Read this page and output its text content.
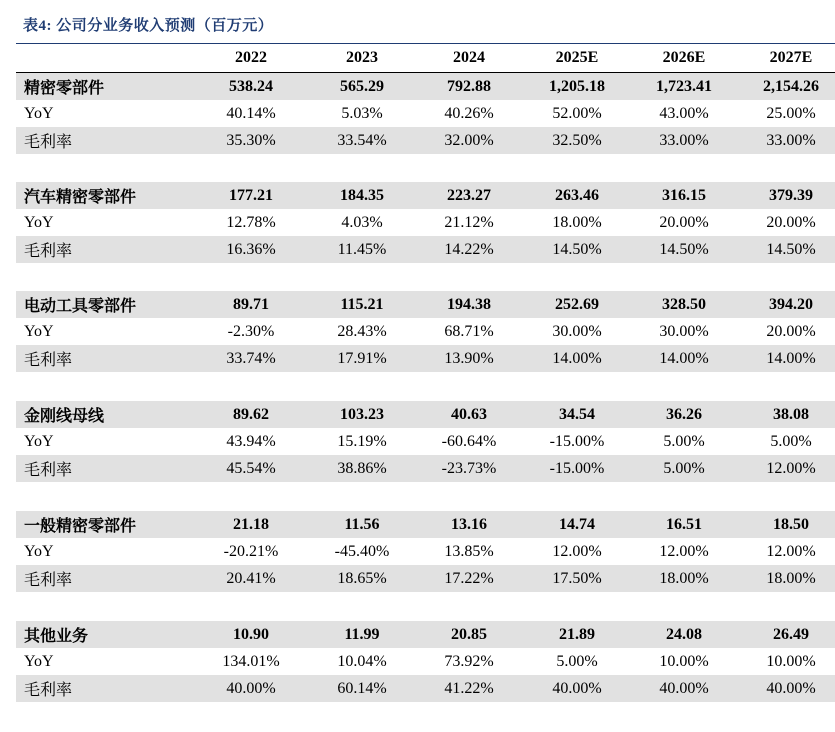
表4: 公司分业务收入预测（百万元）
2022	2023	2024	2025E	2026E	2027E
精密零部件	538.24	565.29	792.88	1,205.18	1,723.41	2,154.26
YoY	40.14%	5.03%	40.26%	52.00%	43.00%	25.00%
毛利率	35.30%	33.54%	32.00%	32.50%	33.00%	33.00%
汽车精密零部件	177.21	184.35	223.27	263.46	316.15	379.39
YoY	12.78%	4.03%	21.12%	18.00%	20.00%	20.00%
毛利率	16.36%	11.45%	14.22%	14.50%	14.50%	14.50%
电动工具零部件	89.71	115.21	194.38	252.69	328.50	394.20
YoY	-2.30%	28.43%	68.71%	30.00%	30.00%	20.00%
毛利率	33.74%	17.91%	13.90%	14.00%	14.00%	14.00%
金刚线母线	89.62	103.23	40.63	34.54	36.26	38.08
YoY	43.94%	15.19%	-60.64%	-15.00%	5.00%	5.00%
毛利率	45.54%	38.86%	-23.73%	-15.00%	5.00%	12.00%
一般精密零部件	21.18	11.56	13.16	14.74	16.51	18.50
YoY	-20.21%	-45.40%	13.85%	12.00%	12.00%	12.00%
毛利率	20.41%	18.65%	17.22%	17.50%	18.00%	18.00%
其他业务	10.90	11.99	20.85	21.89	24.08	26.49
YoY	134.01%	10.04%	73.92%	5.00%	10.00%	10.00%
毛利率	40.00%	60.14%	41.22%	40.00%	40.00%	40.00%
